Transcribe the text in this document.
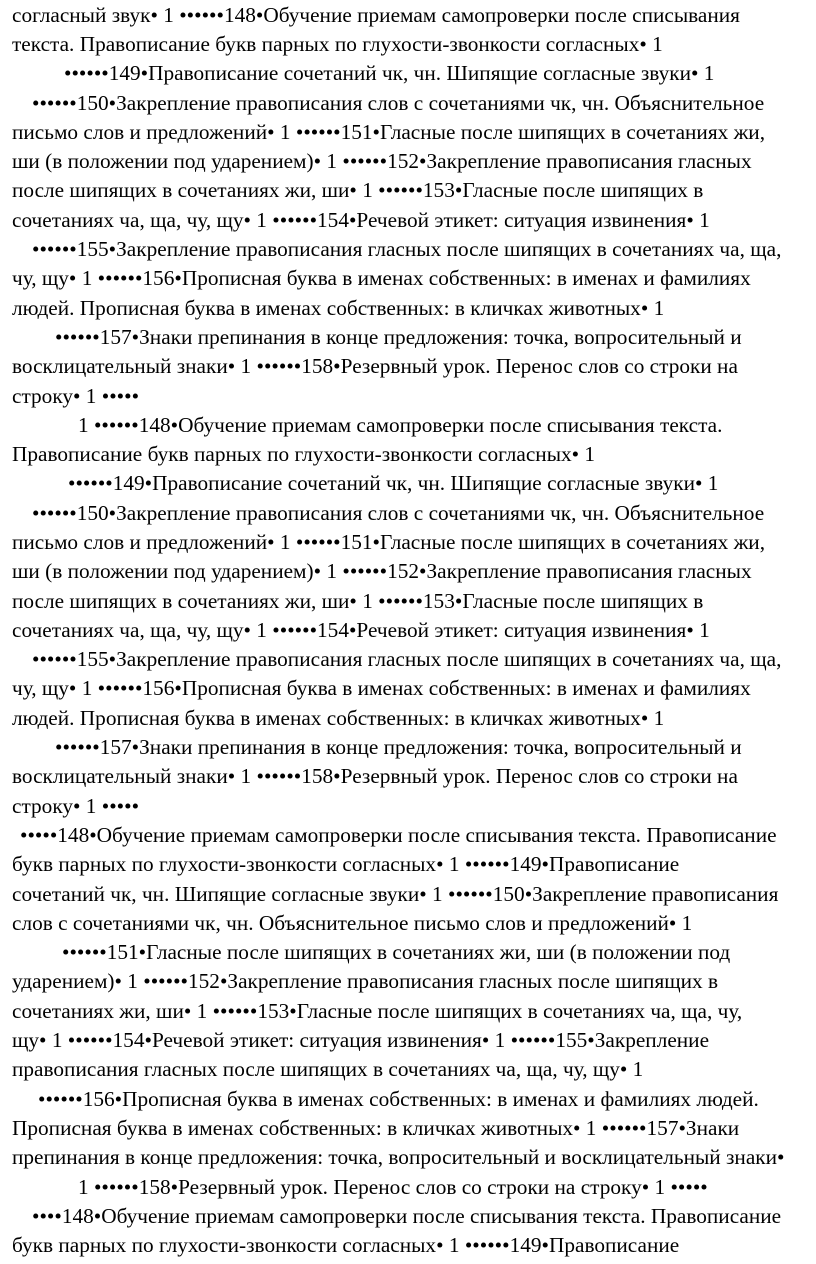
согласный звук• 1 ••••••148•Обучение приемам самопроверки после списывания
текста. Правописание букв парных по глухости-звонкости согласных• 1
••••••149•Правописание сочетаний чк, чн. Шипящие согласные звуки• 1
••••••150•Закрепление правописания слов с сочетаниями чк, чн. Объяснительное
письмо слов и предложений• 1 ••••••151•Гласные после шипящих в сочетаниях жи,
ши (в положении под ударением)• 1 ••••••152•Закрепление правописания гласных
после шипящих в сочетаниях жи, ши• 1 ••••••153•Гласные после шипящих в
сочетаниях ча, ща, чу, щу• 1 ••••••154•Речевой этикет: ситуация извинения• 1
••••••155•Закрепление правописания гласных после шипящих в сочетаниях ча, ща,
чу, щу• 1 ••••••156•Прописная буква в именах собственных: в именах и фамилиях
людей. Прописная буква в именах собственных: в кличках животных• 1
••••••157•Знаки препинания в конце предложения: точка, вопросительный и
восклицательный знаки• 1 ••••••158•Резервный урок. Перенос слов со строки на
строку• 1 •••••
1 ••••••148•Обучение приемам самопроверки после списывания текста.
Правописание букв парных по глухости-звонкости согласных• 1
••••••149•Правописание сочетаний чк, чн. Шипящие согласные звуки• 1
••••••150•Закрепление правописания слов с сочетаниями чк, чн. Объяснительное
письмо слов и предложений• 1 ••••••151•Гласные после шипящих в сочетаниях жи,
ши (в положении под ударением)• 1 ••••••152•Закрепление правописания гласных
после шипящих в сочетаниях жи, ши• 1 ••••••153•Гласные после шипящих в
сочетаниях ча, ща, чу, щу• 1 ••••••154•Речевой этикет: ситуация извинения• 1
••••••155•Закрепление правописания гласных после шипящих в сочетаниях ча, ща,
чу, щу• 1 ••••••156•Прописная буква в именах собственных: в именах и фамилиях
людей. Прописная буква в именах собственных: в кличках животных• 1
••••••157•Знаки препинания в конце предложения: точка, вопросительный и
восклицательный знаки• 1 ••••••158•Резервный урок. Перенос слов со строки на
строку• 1 •••••
•••••148•Обучение приемам самопроверки после списывания текста. Правописание
букв парных по глухости-звонкости согласных• 1 ••••••149•Правописание
сочетаний чк, чн. Шипящие согласные звуки• 1 ••••••150•Закрепление правописания
слов с сочетаниями чк, чн. Объяснительное письмо слов и предложений• 1
••••••151•Гласные после шипящих в сочетаниях жи, ши (в положении под
ударением)• 1 ••••••152•Закрепление правописания гласных после шипящих в
сочетаниях жи, ши• 1 ••••••153•Гласные после шипящих в сочетаниях ча, ща, чу,
щу• 1 ••••••154•Речевой этикет: ситуация извинения• 1 ••••••155•Закрепление
правописания гласных после шипящих в сочетаниях ча, ща, чу, щу• 1
••••••156•Прописная буква в именах собственных: в именах и фамилиях людей.
Прописная буква в именах собственных: в кличках животных• 1 ••••••157•Знаки
препинания в конце предложения: точка, вопросительный и восклицательный знаки•
1 ••••••158•Резервный урок. Перенос слов со строки на строку• 1 •••••
••••148•Обучение приемам самопроверки после списывания текста. Правописание
букв парных по глухости-звонкости согласных• 1 ••••••149•Правописание
